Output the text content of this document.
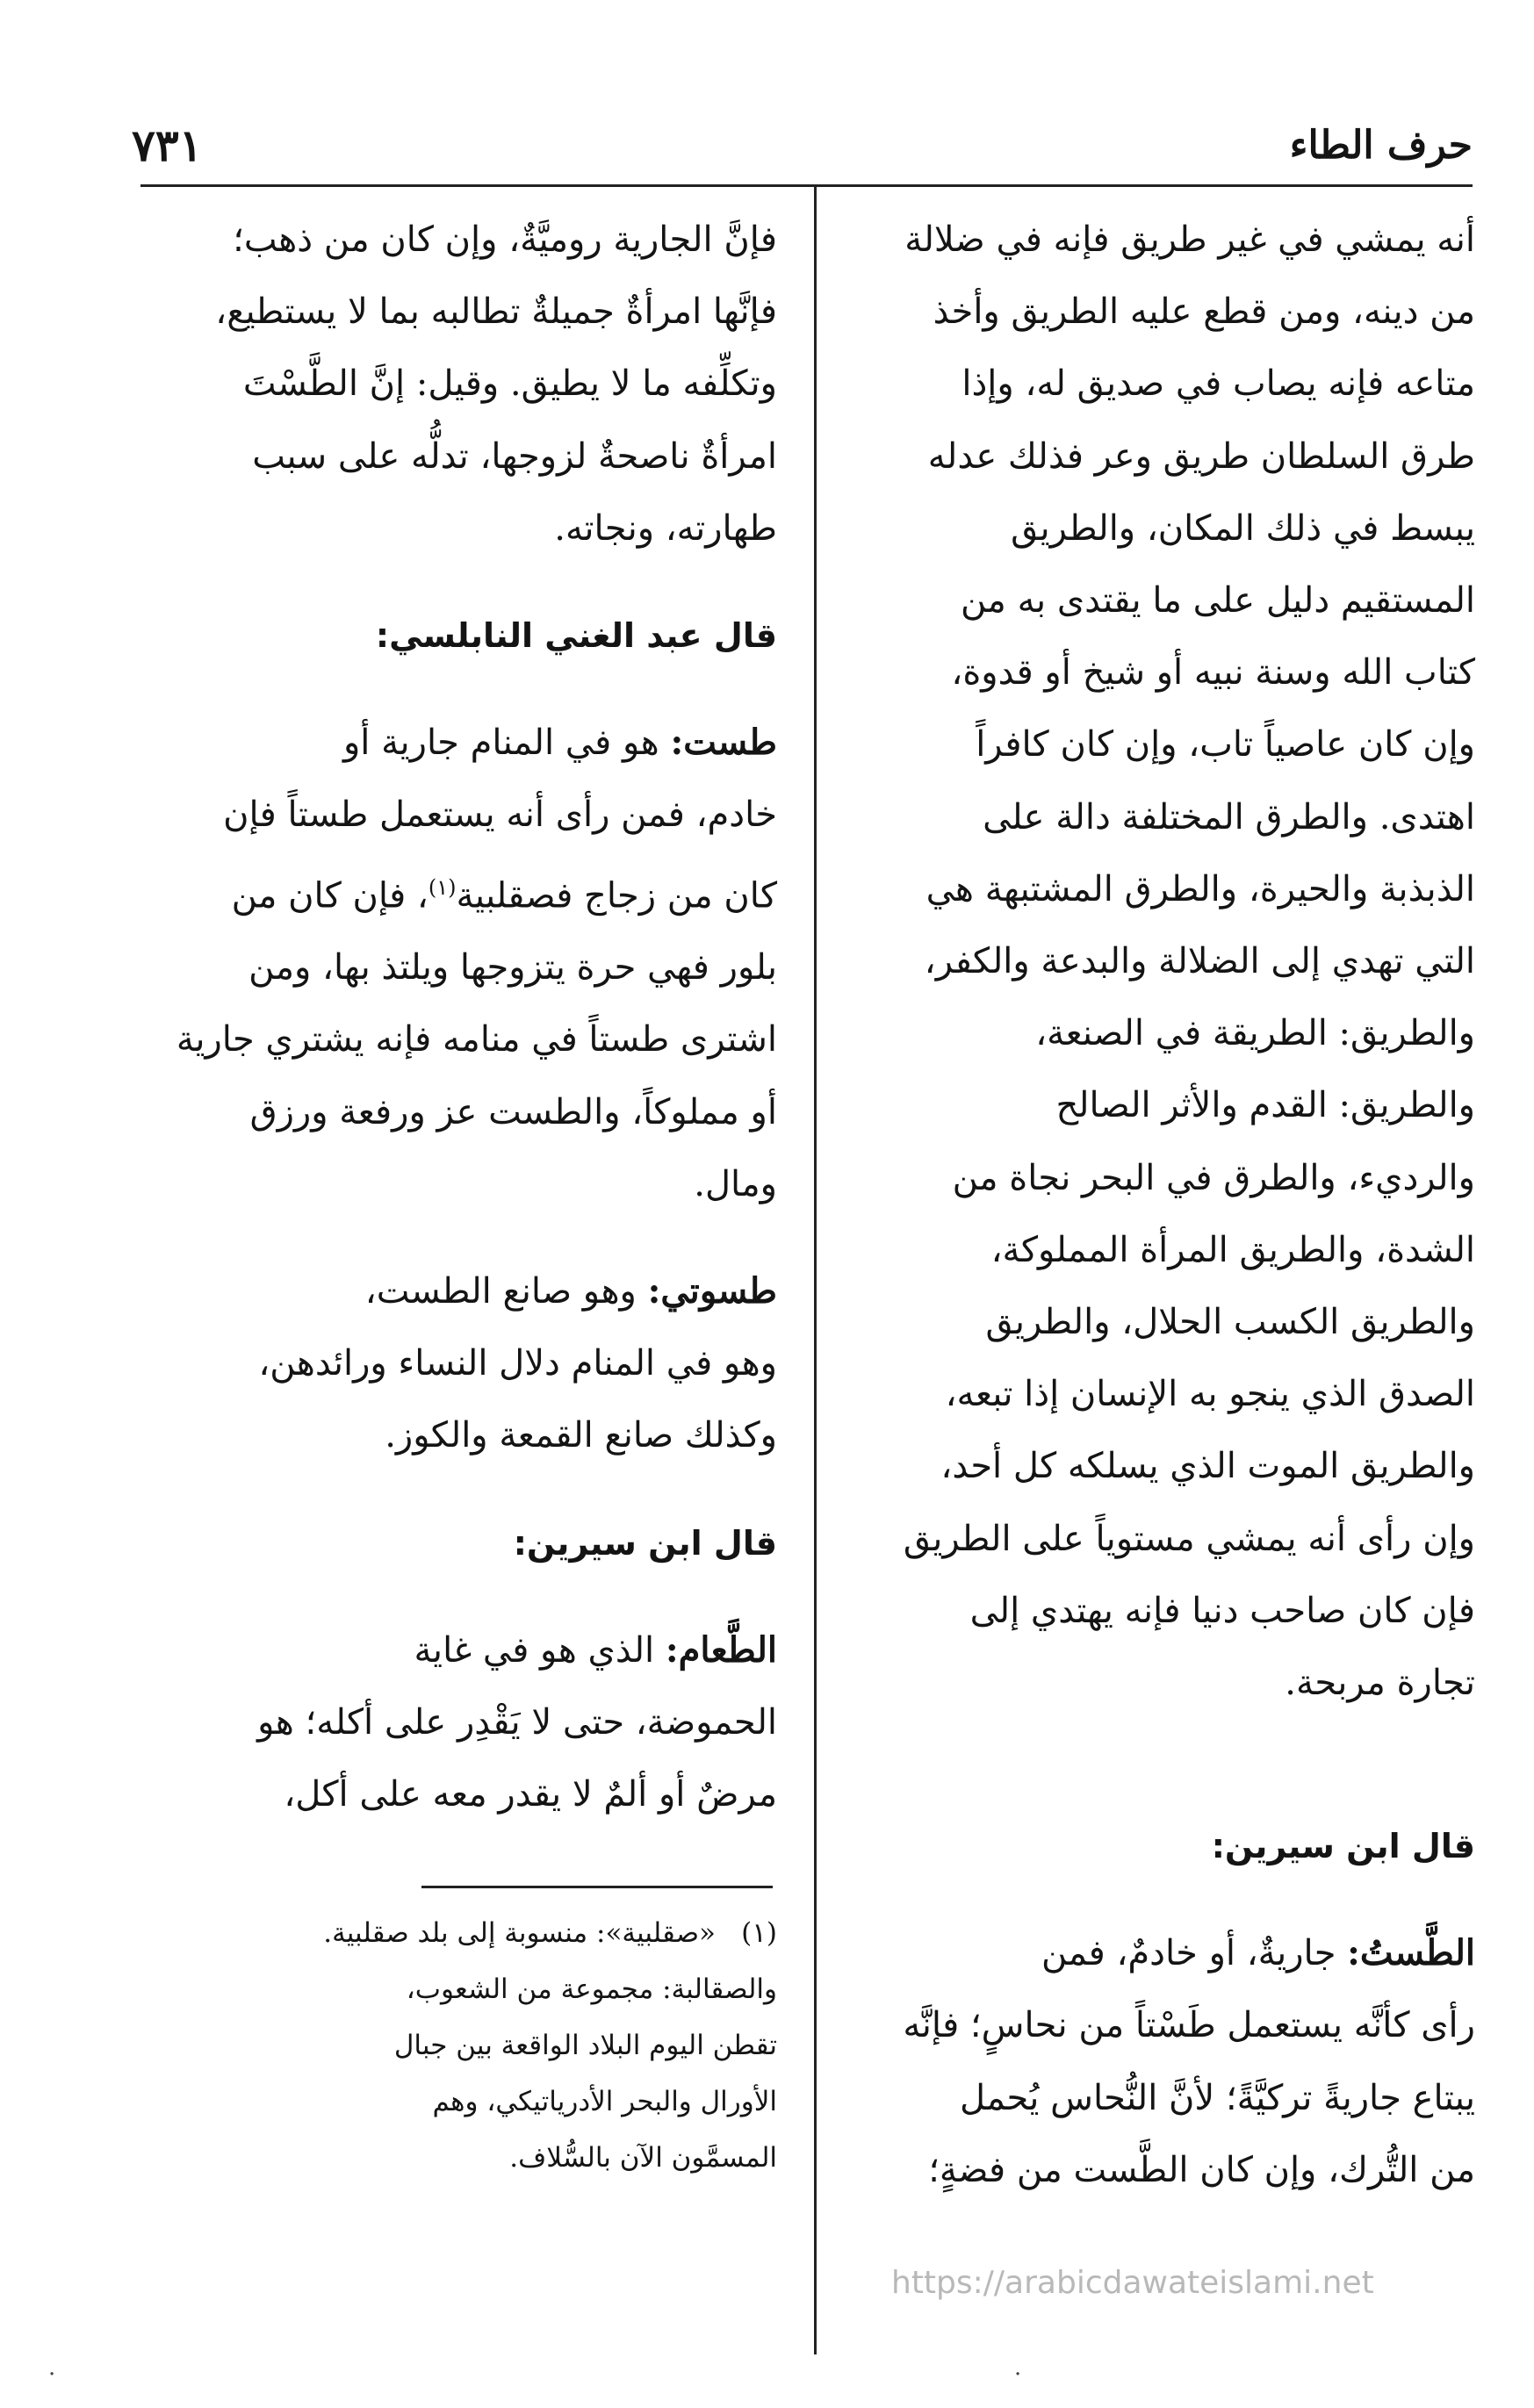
٧٣١	حرف الطاء

أنه يمشي في غير طريق فإنه في ضلالة

من دينه، ومن قطع عليه الطريق وأخذ

متاعه فإنه يصاب في صديق له، وإذا

طرق السلطان طريق وعر فذلك عدله

يبسط في ذلك المكان، والطريق

المستقيم دليل على ما يقتدى به من

كتاب الله وسنة نبيه أو شيخ أو قدوة،

وإن كان عاصياً تاب، وإن كان كافراً

اهتدى. والطرق المختلفة دالة على

الذبذبة والحيرة، والطرق المشتبهة هي

التي تهدي إلى الضلالة والبدعة والكفر،

والطريق: الطريقة في الصنعة،

والطريق: القدم والأثر الصالح

والرديء، والطرق في البحر نجاة من

الشدة، والطريق المرأة المملوكة،

والطريق الكسب الحلال، والطريق

الصدق الذي ينجو به الإنسان إذا تبعه،

والطريق الموت الذي يسلكه كل أحد،

وإن رأى أنه يمشي مستوياً على الطريق

فإن كان صاحب دنيا فإنه يهتدي إلى

تجارة مربحة.

قال ابن سيرين:

الطَّستُ: جاريةٌ، أو خادمٌ، فمن

رأى كأنَّه يستعمل طَسْتاً من نحاسٍ؛ فإنَّه

يبتاع جاريةً تركيَّةً؛ لأنَّ النُّحاس يُحمل

من التُّرك، وإن كان الطَّست من فضةٍ؛

فإنَّ الجارية روميَّةٌ، وإن كان من ذهب؛

فإنَّها امرأةٌ جميلةٌ تطالبه بما لا يستطيع،

وتكلِّفه ما لا يطيق. وقيل: إنَّ الطَّسْتَ

امرأةٌ ناصحةٌ لزوجها، تدلُّه على سبب

طهارته، ونجاته.

قال عبد الغني النابلسي:

طست: هو في المنام جارية أو

خادم، فمن رأى أنه يستعمل طستاً فإن

كان من زجاج فصقلبية$^{(١)}$، فإن كان من

بلور فهي حرة يتزوجها ويلتذ بها، ومن

اشترى طستاً في منامه فإنه يشتري جارية

أو مملوكاً، والطست عز ورفعة ورزق

ومال.

طسوتي: وهو صانع الطست،

وهو في المنام دلال النساء ورائدهن،

وكذلك صانع القمعة والكوز.

قال ابن سيرين:

الطَّعام: الذي هو في غاية

الحموضة، حتى لا يَقْدِر على أكله؛ هو

مرضٌ أو ألمٌ لا يقدر معه على أكل،

(١)«صقلبية»: منسوبة إلى بلد صقلبية.

والصقالبة: مجموعة من الشعوب،

تقطن اليوم البلاد الواقعة بين جبال

الأورال والبحر الأدرياتيكي، وهم

المسمَّون الآن بالسُّلاف.

https://arabicdawateislami.net
·	·
